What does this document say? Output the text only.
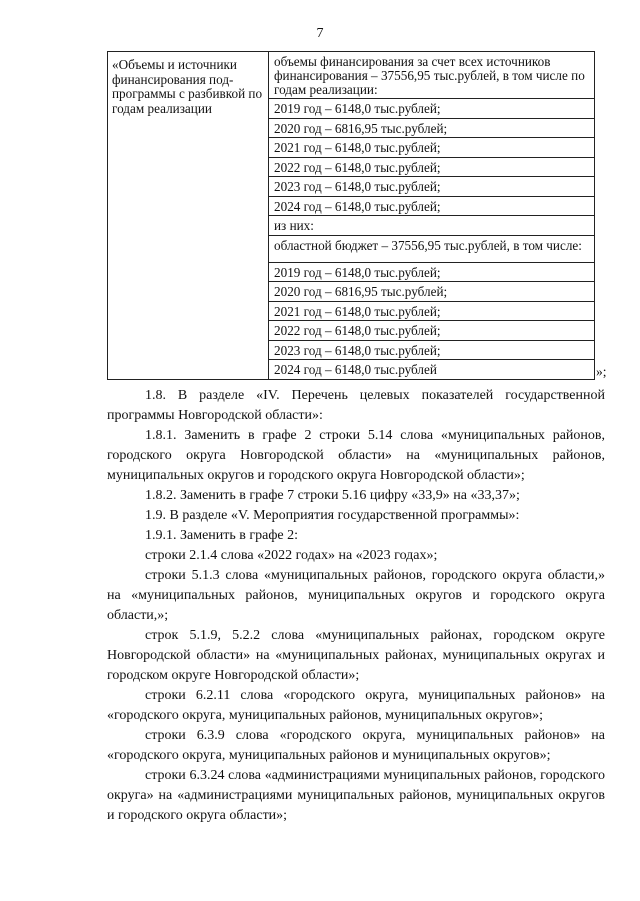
7
«Объемы и источники финансирования под-программы с разбивкой по годам реализации
объемы финансирования за счет всех источников финансирования – 37556,95 тыс.рублей, в том числе по годам реализации:
2019 год – 6148,0 тыс.рублей;
2020 год – 6816,95 тыс.рублей;
2021 год – 6148,0 тыс.рублей;
2022 год – 6148,0 тыс.рублей;
2023 год – 6148,0 тыс.рублей;
2024 год – 6148,0 тыс.рублей;
из них:
областной бюджет – 37556,95 тыс.рублей, в том числе:
2019 год – 6148,0 тыс.рублей;
2020 год – 6816,95 тыс.рублей;
2021 год – 6148,0 тыс.рублей;
2022 год – 6148,0 тыс.рублей;
2023 год – 6148,0 тыс.рублей;
2024 год – 6148,0 тыс.рублей	»;

1.8. В разделе «IV. Перечень целевых показателей государственной программы Новгородской области»:

1.8.1. Заменить в графе 2 строки 5.14 слова «муниципальных районов, городского округа Новгородской области» на «муниципальных районов, муниципальных округов и городского округа Новгородской области»;

1.8.2. Заменить в графе 7 строки 5.16 цифру «33,9» на «33,37»;

1.9. В разделе «V. Мероприятия государственной программы»:

1.9.1. Заменить в графе 2:

строки 2.1.4 слова «2022 годах» на «2023 годах»;

строки 5.1.3 слова «муниципальных районов, городского округа области,» на «муниципальных районов, муниципальных округов и городского округа области,»;

строк 5.1.9, 5.2.2 слова «муниципальных районах, городском округе Новгородской области» на «муниципальных районах, муниципальных округах и городском округе Новгородской области»;

строки 6.2.11 слова «городского округа, муниципальных районов» на «городского округа, муниципальных районов, муниципальных округов»;

строки 6.3.9 слова «городского округа, муниципальных районов» на «городского округа, муниципальных районов и муниципальных округов»;

строки 6.3.24 слова «администрациями муниципальных районов, городского округа» на «администрациями муниципальных районов, муниципальных округов и городского округа области»;
